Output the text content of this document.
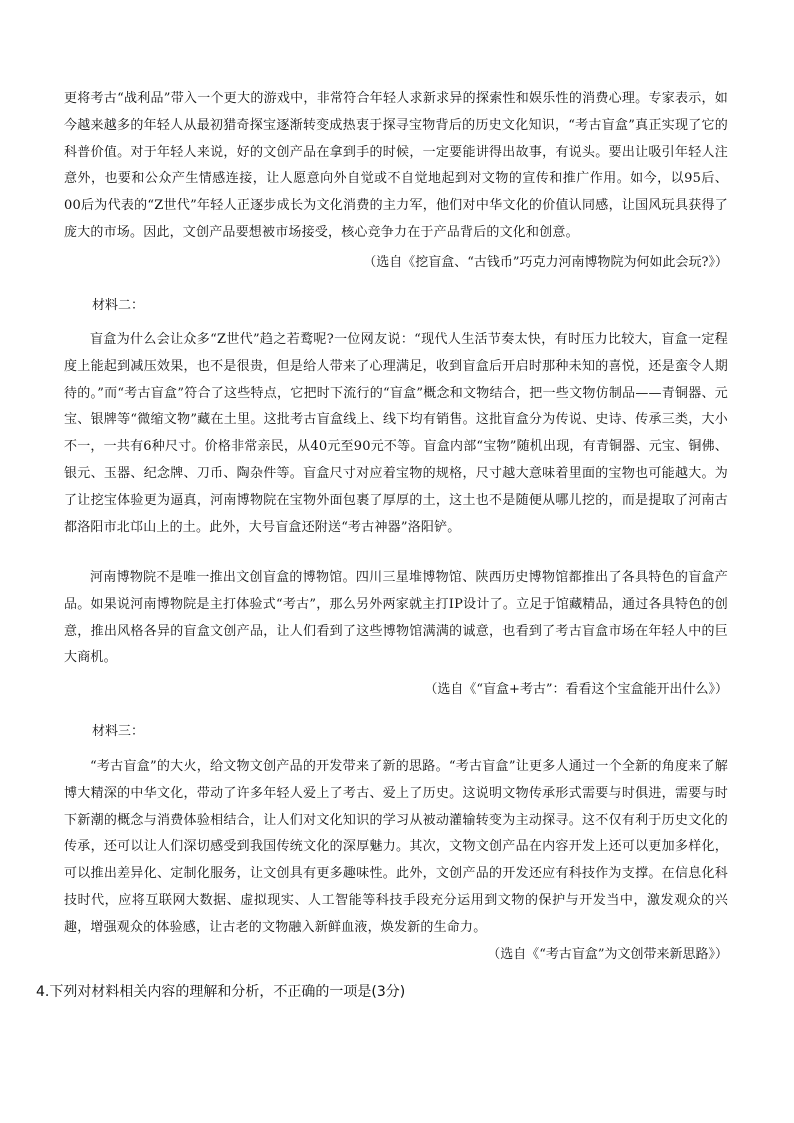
更将考古“战利品”带入一个更大的游戏中，非常符合年轻人求新求异的探索性和娱乐性的消费心理。专家表示，如今越来越多的年轻人从最初猎奇探宝逐渐转变成热衷于探寻宝物背后的历史文化知识，“考古盲盒”真正实现了它的科普价值。对于年轻人来说，好的文创产品在拿到手的时候，一定要能讲得出故事，有说头。要出让吸引年轻人注意外，也要和公众产生情感连接，让人愿意向外自觉或不自觉地起到对文物的宣传和推广作用。如今，以95后、00后为代表的“Z世代”年轻人正逐步成长为文化消费的主力军，他们对中华文化的价值认同感，让国风玩具获得了庞大的市场。因此，文创产品要想被市场接受，核心竞争力在于产品背后的文化和创意。

（选自《挖盲盒、“古钱币”巧克力河南博物院为何如此会玩?》）

材料二：

盲盒为什么会让众多“Z世代”趋之若鹜呢?一位网友说：“现代人生活节奏太快，有时压力比较大，盲盒一定程度上能起到减压效果，也不是很贵，但是给人带来了心理满足，收到盲盒后开启时那种未知的喜悦，还是蛮令人期待的。”而“考古盲盒”符合了这些特点，它把时下流行的“盲盒”概念和文物结合，把一些文物仿制品——青铜器、元宝、银牌等“微缩文物”藏在土里。这批考古盲盒线上、线下均有销售。这批盲盒分为传说、史诗、传承三类，大小不一，一共有6种尺寸。价格非常亲民，从40元至90元不等。盲盒内部“宝物”随机出现，有青铜器、元宝、铜佛、银元、玉器、纪念牌、刀币、陶杂件等。盲盒尺寸对应着宝物的规格，尺寸越大意味着里面的宝物也可能越大。为了让挖宝体验更为逼真，河南博物院在宝物外面包裹了厚厚的土，这土也不是随便从哪儿挖的，而是提取了河南古都洛阳市北邙山上的土。此外，大号盲盒还附送“考古神器”洛阳铲。

河南博物院不是唯一推出文创盲盒的博物馆。四川三星堆博物馆、陕西历史博物馆都推出了各具特色的盲盒产品。如果说河南博物院是主打体验式“考古”，那么另外两家就主打IP设计了。立足于馆藏精品，通过各具特色的创意，推出风格各异的盲盒文创产品，让人们看到了这些博物馆满满的诚意，也看到了考古盲盒市场在年轻人中的巨大商机。

（选自《“盲盒+考古”：看看这个宝盒能开出什么》）

材料三：

“考古盲盒”的大火，给文物文创产品的开发带来了新的思路。“考古盲盒”让更多人通过一个全新的角度来了解博大精深的中华文化，带动了许多年轻人爱上了考古、爱上了历史。这说明文物传承形式需要与时俱进，需要与时下新潮的概念与消费体验相结合，让人们对文化知识的学习从被动灌输转变为主动探寻。这不仅有利于历史文化的传承，还可以让人们深切感受到我国传统文化的深厚魅力。其次，文物文创产品在内容开发上还可以更加多样化，可以推出差异化、定制化服务，让文创具有更多趣味性。此外，文创产品的开发还应有科技作为支撑。在信息化科技时代，应将互联网大数据、虚拟现实、人工智能等科技手段充分运用到文物的保护与开发当中，激发观众的兴趣，增强观众的体验感，让古老的文物融入新鲜血液，焕发新的生命力。

（选自《“考古盲盒”为文创带来新思路》）

4.下列对材料相关内容的理解和分析，不正确的一项是(3分)
